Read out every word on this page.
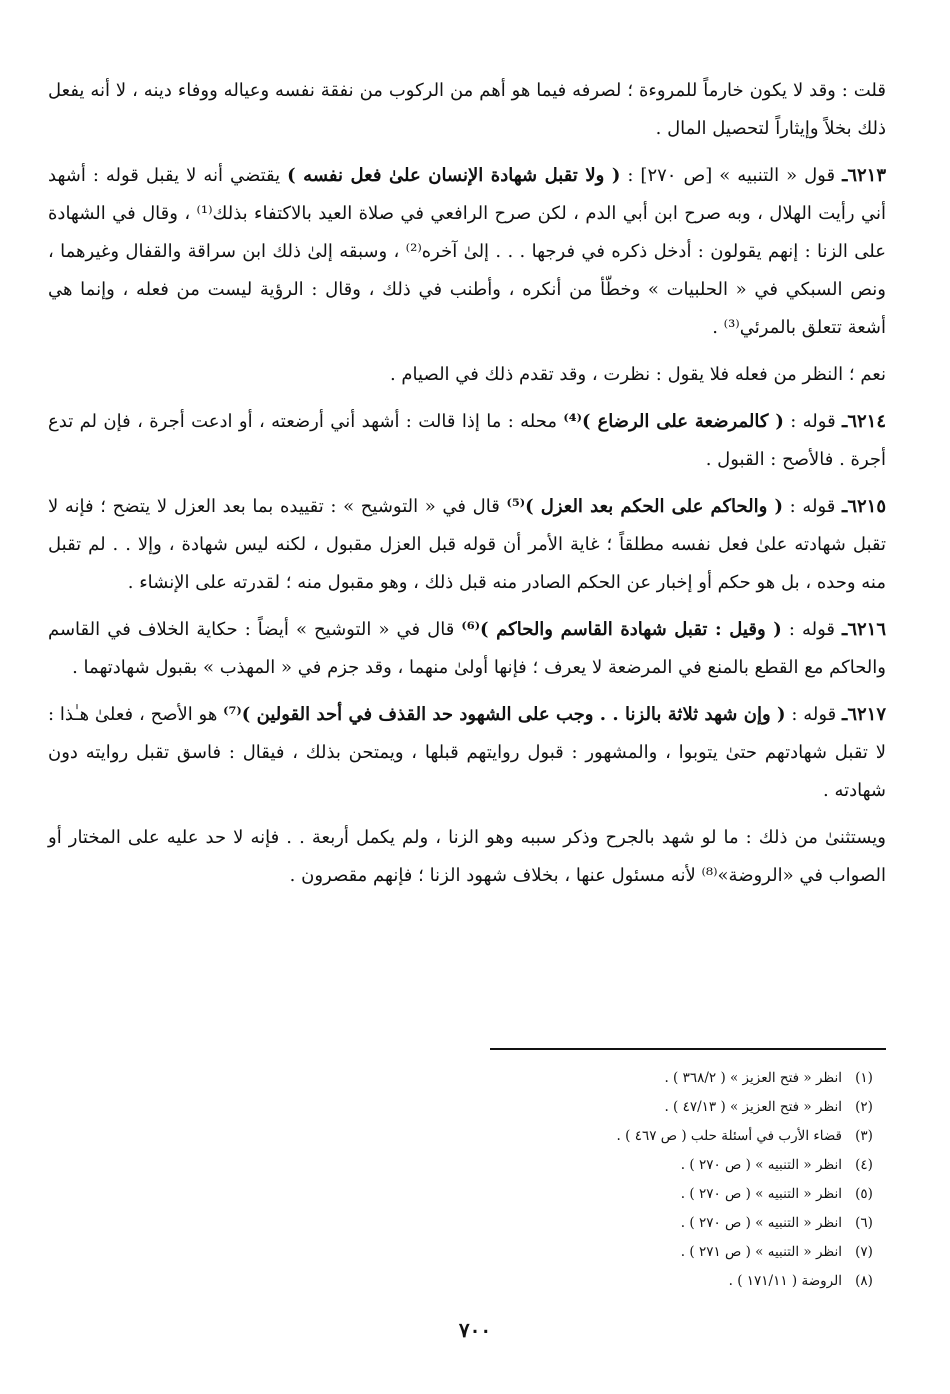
قلت : وقد لا يكون خارماً للمروءة ؛ لصرفه فيما هو أهم من الركوب من نفقة نفسه وعياله ووفاء دينه ، لا أنه يفعل ذلك بخلاً وإيثاراً لتحصيل المال .

٦٢١٣ـ قول « التنبيه » [ص ٢٧٠] : ( ولا تقبل شهادة الإنسان علىٰ فعل نفسه ) يقتضي أنه لا يقبل قوله : أشهد أني رأيت الهلال ، وبه صرح ابن أبي الدم ، لكن صرح الرافعي في صلاة العيد بالاكتفاء بذلك⁽¹⁾ ، وقال في الشهادة على الزنا : إنهم يقولون : أدخل ذكره في فرجها . . . إلىٰ آخره⁽²⁾ ، وسبقه إلىٰ ذلك ابن سراقة والقفال وغيرهما ، ونص السبكي في « الحلبيات » وخطّأ من أنكره ، وأطنب في ذلك ، وقال : الرؤية ليست من فعله ، وإنما هي أشعة تتعلق بالمرئي⁽³⁾ .

نعم ؛ النظر من فعله فلا يقول : نظرت ، وقد تقدم ذلك في الصيام .

٦٢١٤ـ قوله : ( كالمرضعة على الرضاع )⁽⁴⁾ محله : ما إذا قالت : أشهد أني أرضعته ، أو ادعت أجرة ، فإن لم تدع أجرة . فالأصح : القبول .

٦٢١٥ـ قوله : ( والحاكم على الحكم بعد العزل )⁽⁵⁾ قال في « التوشيح » : تقييده بما بعد العزل لا يتضح ؛ فإنه لا تقبل شهادته علىٰ فعل نفسه مطلقاً ؛ غاية الأمر أن قوله قبل العزل مقبول ، لكنه ليس شهادة ، وإلا . . لم تقبل منه وحده ، بل هو حكم أو إخبار عن الحكم الصادر منه قبل ذلك ، وهو مقبول منه ؛ لقدرته على الإنشاء .

٦٢١٦ـ قوله : ( وقيل : تقبل شهادة القاسم والحاكم )⁽⁶⁾ قال في « التوشيح » أيضاً : حكاية الخلاف في القاسم والحاكم مع القطع بالمنع في المرضعة لا يعرف ؛ فإنها أولىٰ منهما ، وقد جزم في « المهذب » بقبول شهادتهما .

٦٢١٧ـ قوله : ( وإن شهد ثلاثة بالزنا . . وجب على الشهود حد القذف في أحد القولين )⁽⁷⁾ هو الأصح ، فعلىٰ هـٰذا : لا تقبل شهادتهم حتىٰ يتوبوا ، والمشهور : قبول روايتهم قبلها ، ويمتحن بذلك ، فيقال : فاسق تقبل روايته دون شهادته .

ويستثنىٰ من ذلك : ما لو شهد بالجرح وذكر سببه وهو الزنا ، ولم يكمل أربعة . . فإنه لا حد عليه على المختار أو الصواب في «الروضة»⁽⁸⁾ لأنه مسئول عنها ، بخلاف شهود الزنا ؛ فإنهم مقصرون .

(١)انظر « فتح العزيز » ( ٣٦٨/٢ ) .
(٢)انظر « فتح العزيز » ( ٤٧/١٣ ) .
(٣)قضاء الأرب في أسئلة حلب ( ص ٤٦٧ ) .
(٤)انظر « التنبيه » ( ص ٢٧٠ ) .
(٥)انظر « التنبيه » ( ص ٢٧٠ ) .
(٦)انظر « التنبيه » ( ص ٢٧٠ ) .
(٧)انظر « التنبيه » ( ص ٢٧١ ) .
(٨)الروضة ( ١٧١/١١ ) .
٧٠٠
